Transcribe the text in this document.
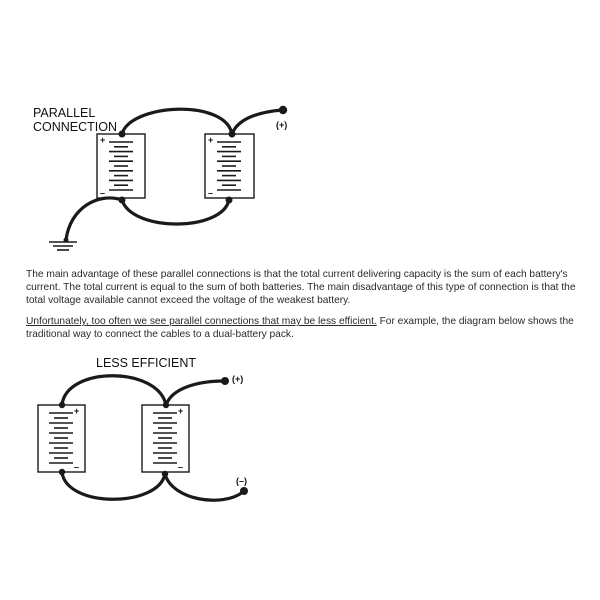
PARALLEL
CONNECTION
+
–
+
–
(+)
LESS EFFICIENT
+
–
+
–
(+)
(–)

The main advantage of these parallel connections is that the total current delivering capacity is the sum of each battery's current. The total current is equal to the sum of both batteries. The main disadvantage of this type of connection is that the total voltage available cannot exceed the voltage of the weakest battery.

Unfortunately, too often we see parallel connections that may be less efficient. For example, the diagram below shows the traditional way to connect the cables to a dual-battery pack.
